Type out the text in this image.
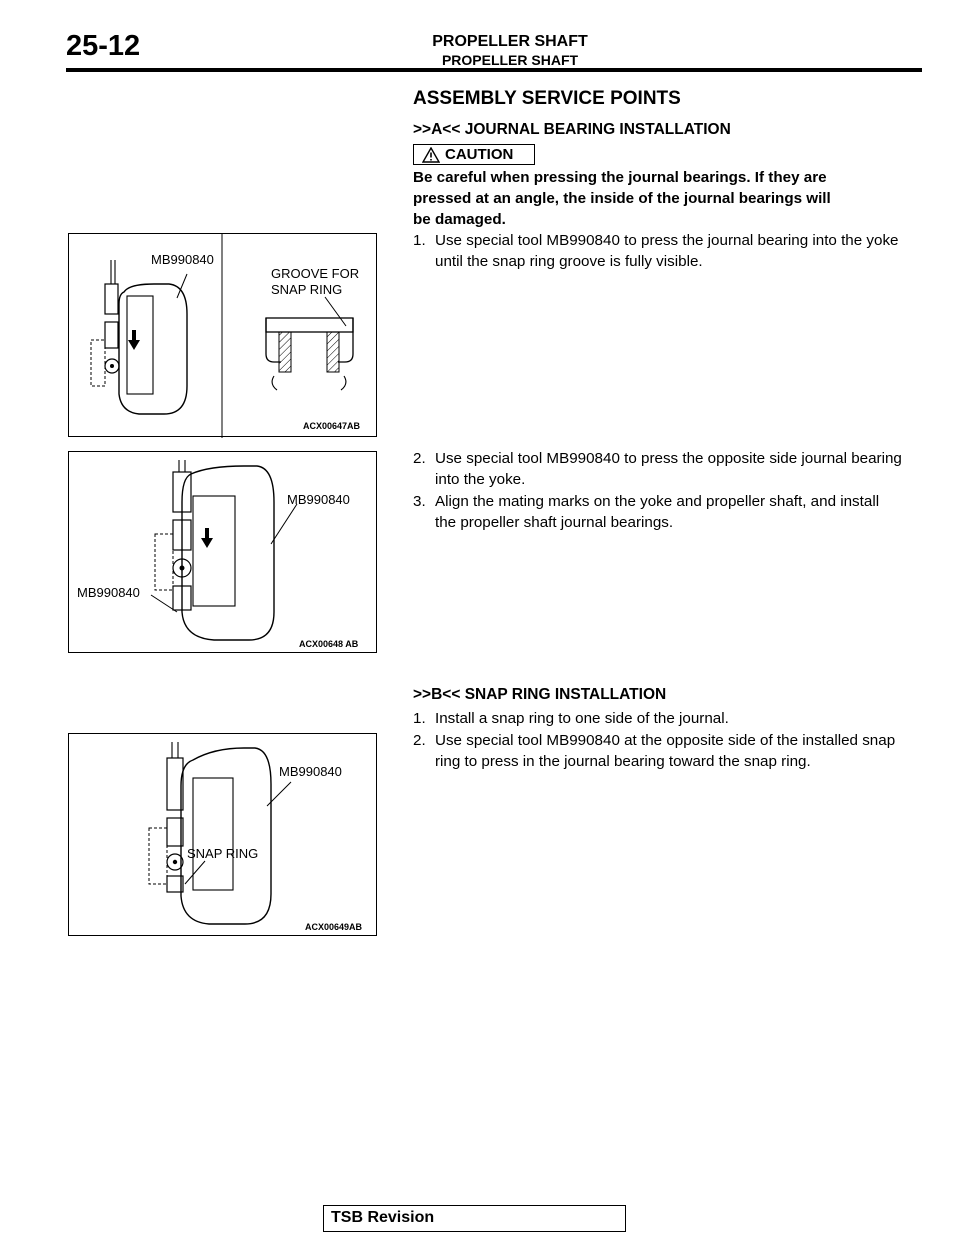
25-12	PROPELLER SHAFT
PROPELLER SHAFT
ASSEMBLY SERVICE POINTS
>>A<< JOURNAL BEARING INSTALLATION
CAUTION
Be careful when pressing the journal bearings. If they are
pressed at an angle, the inside of the journal bearings will
be damaged.
1. Use special tool MB990840 to press the journal bearing into the yoke until the snap ring groove is fully visible.
2. Use special tool MB990840 to press the opposite side journal bearing into the yoke.
3. Align the mating marks on the yoke and propeller shaft, and install the propeller shaft journal bearings.
>>B<< SNAP RING INSTALLATION
1. Install a snap ring to one side of the journal.
2. Use special tool MB990840 at the opposite side of the installed snap ring to press in the journal bearing toward the snap ring.
MB990840
GROOVE FOR
SNAP RING
ACX00647AB
MB990840
MB990840
ACX00648 AB
MB990840
SNAP RING
ACX00649AB
TSB Revision
